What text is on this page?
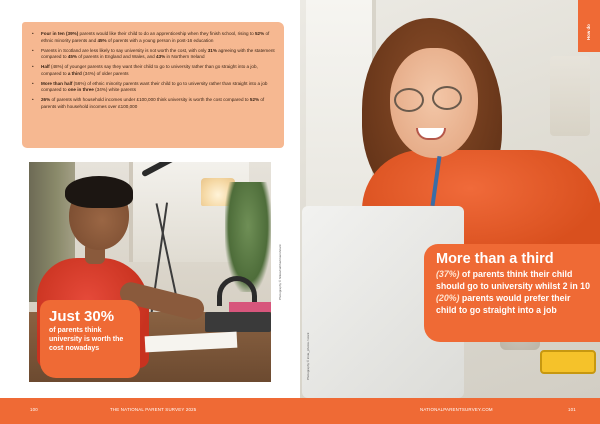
• Four in ten (39%) parents would like their child to do an apprenticeship when they finish school, rising to 52% of ethnic minority parents and 45% of parents with a young person in post-16 education
• Parents in Scotland are less likely to say university is not worth the cost, with only 31% agreeing with the statement compared to 45% of parents in England and Wales, and 43% in Northern Ireland
• Half (48%) of younger parents say they want their child to go to university rather than go straight into a job, compared to a third (34%) of older parents
• More than half (56%) of ethnic minority parents want their child to go to university rather than straight into a job compared to one in three (34%) white parents
• 26% of parents with household incomes under £100,000 think university is worth the cost compared to 52% of parents with household incomes over £100,000
Just 30%
of parents think university is worth the cost nowadays
Photography © fizkes/cathhartmann/stock
How do
More than a third
(37%) of parents think their child should go to university whilst 2 in 10 (20%) parents would prefer their child to go straight into a job
Photography © insta_photos / stock
100	THE NATIONAL PARENT SURVEY 2025	NATIONALPARENTSURVEY.COM	101
